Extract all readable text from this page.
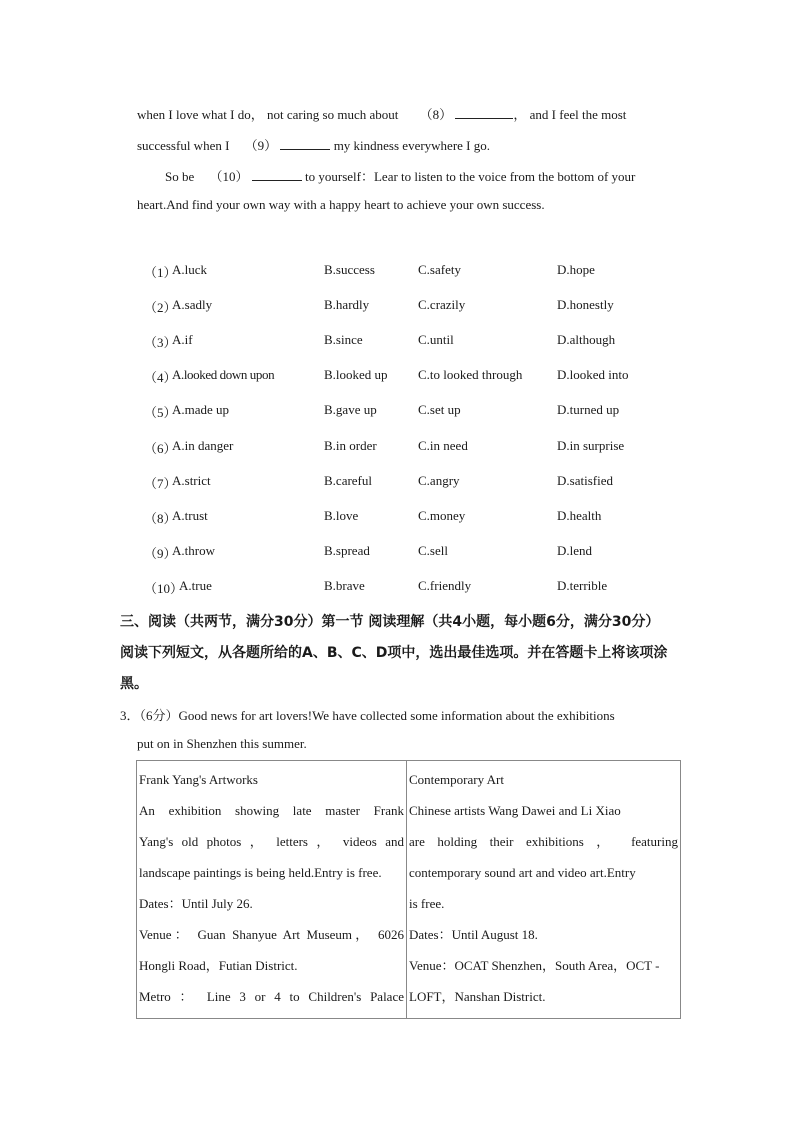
when I love what I do， not caring so much about （8）	， and I feel the most
successful when I （9）	my kindness everywhere I go.
So be （10）	to yourself：Lear to listen to the voice from the bottom of your
heart.And find your own way with a happy heart to achieve your own success.
（1）
A.luck	B.success	C.safety	D.hope
（2）
A.sadly	B.hardly	C.crazily	D.honestly
（3）
A.if	B.since	C.until	D.although
（4）
A.looked down upon	B.looked up C.to looked through	D.looked into
（5）
A.made up	B.gave up	C.set up	D.turned up
（6）
A.in danger	B.in order	C.in need	D.in surprise
（7）
A.strict	B.careful	C.angry	D.satisfied
（8）
A.trust	B.love	C.money	D.health
（9）
A.throw	B.spread	C.sell	D.lend
（10）
A.true	B.brave	C.friendly	D.terrible
三、阅读（共两节，满分30分）第一节 阅读理解（共4小题，每小题6分，满分30分）
阅读下列短文，从各题所给的A、B、C、D项中，选出最佳选项。并在答题卡上将该项涂
黑。
3．（6分）Good news for art lovers!We have collected some information about the exhibitions
put on in Shenzhen this summer.
Frank Yang's Artworks
An exhibition showing late master Frank
Yang's old photos ， letters ， videos and
landscape paintings is being held.Entry is free.
Dates：Until July 26.
Venue： Guan Shanyue Art Museum， 6026
Hongli Road，Futian District.
Metro ： Line 3 or 4 to Children's Palace

Contemporary Art
Chinese artists Wang Dawei and Li Xiao
are holding their exhibitions ， featuring
contemporary sound art and video art.Entry
is free.
Dates：Until August 18.
Venue：OCAT Shenzhen，South Area，OCT -
LOFT，Nanshan District.
